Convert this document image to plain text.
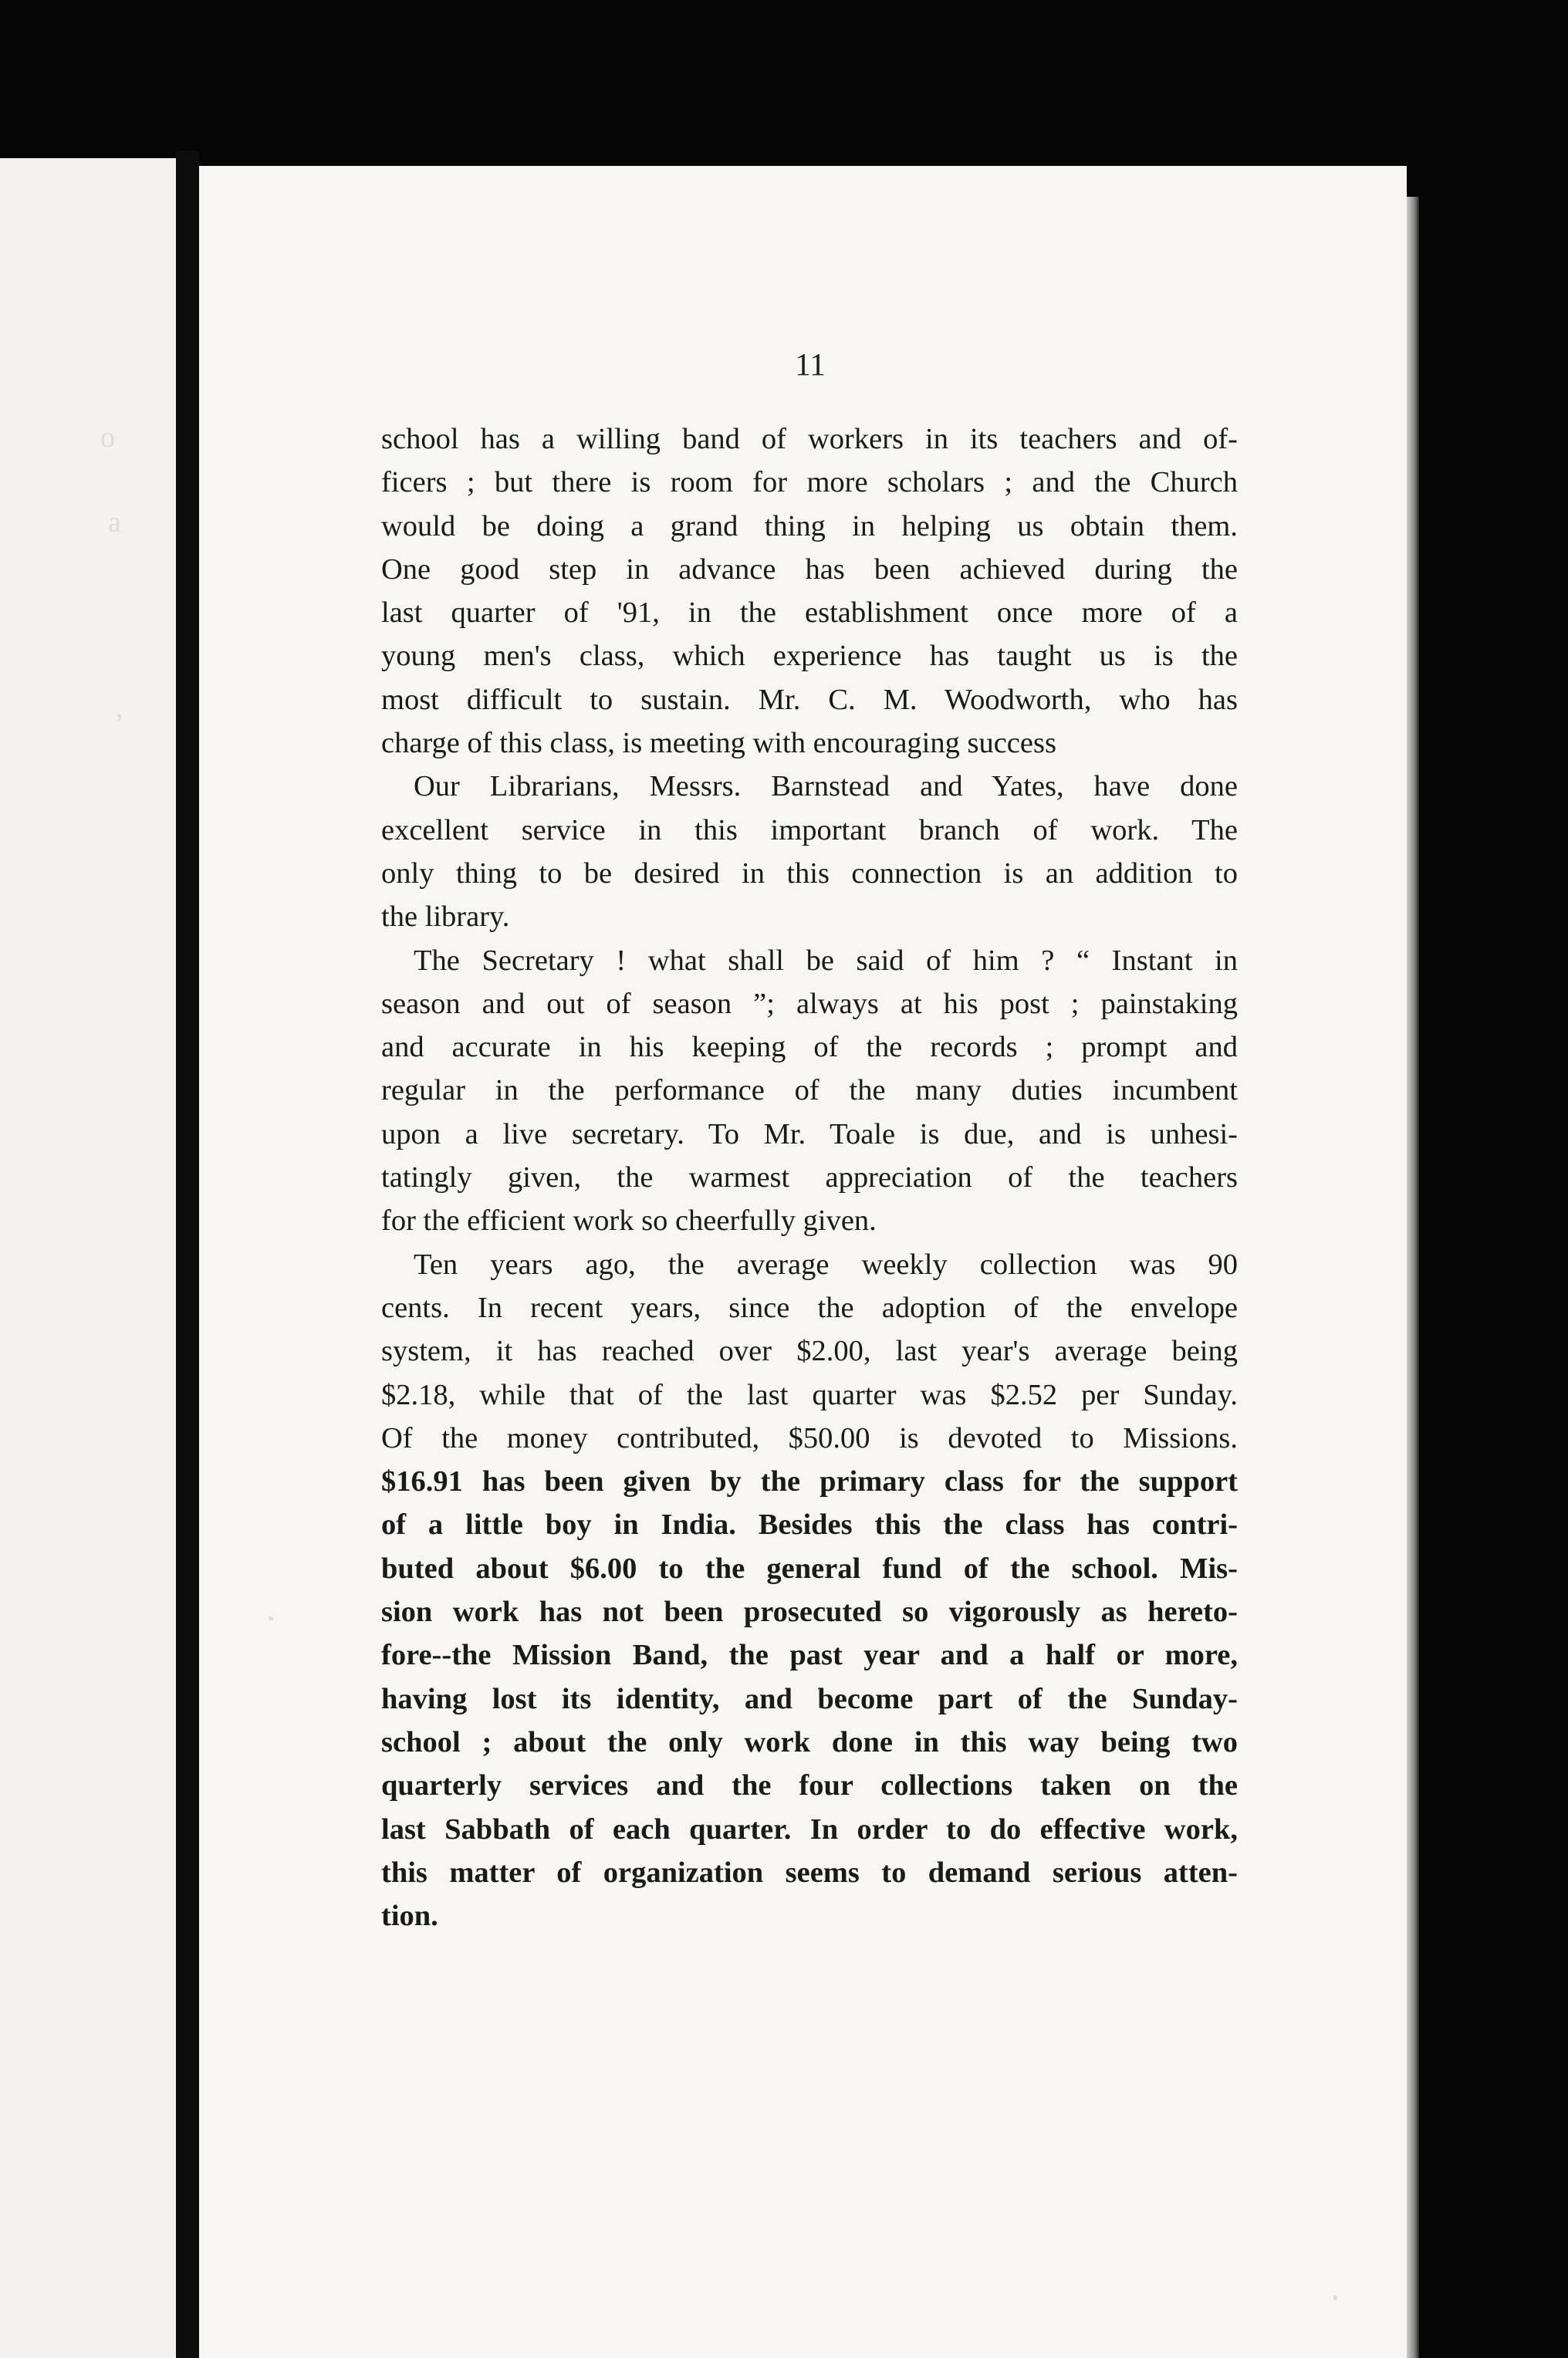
o
a
,
11
school has a willing band of workers in its teachers and of-
ficers ; but there is room for more scholars ; and the Church
would be doing a grand thing in helping us obtain them.
One good step in advance has been achieved during the
last quarter of '91, in the establishment once more of a
young men's class, which experience has taught us is the
most difficult to sustain. Mr. C. M. Woodworth, who has
charge of this class, is meeting with encouraging success
Our Librarians, Messrs. Barnstead and Yates, have done
excellent service in this important branch of work. The
only thing to be desired in this connection is an addition to
the library.
The Secretary ! what shall be said of him ? “ Instant in
season and out of season ”; always at his post ; painstaking
and accurate in his keeping of the records ; prompt and
regular in the performance of the many duties incumbent
upon a live secretary. To Mr. Toale is due, and is unhesi-
tatingly given, the warmest appreciation of the teachers
for the efficient work so cheerfully given.
Ten years ago, the average weekly collection was 90
cents. In recent years, since the adoption of the envelope
system, it has reached over $2.00, last year's average being
$2.18, while that of the last quarter was $2.52 per Sunday.
Of the money contributed, $50.00 is devoted to Missions.
$16.91 has been given by the primary class for the support
of a little boy in India. Besides this the class has contri-
buted about $6.00 to the general fund of the school. Mis-
sion work has not been prosecuted so vigorously as hereto-
fore--the Mission Band, the past year and a half or more,
having lost its identity, and become part of the Sunday-
school ; about the only work done in this way being two
quarterly services and the four collections taken on the
last Sabbath of each quarter. In order to do effective work,
this matter of organization seems to demand serious atten-
tion.
